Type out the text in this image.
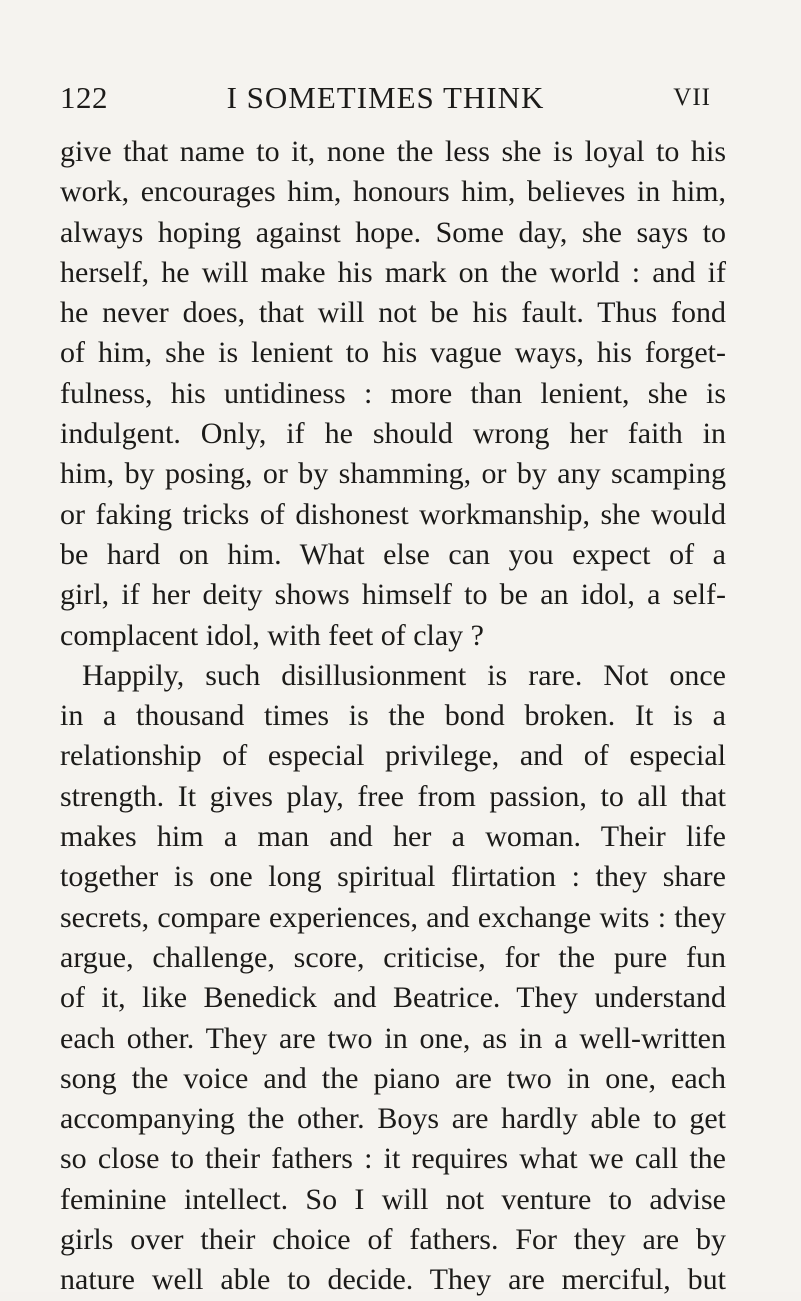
122	I SOMETIMES THINK	VII
give that name to it, none the less she is loyal to his
work, encourages him, honours him, believes in him,
always hoping against hope. Some day, she says to
herself, he will make his mark on the world : and if
he never does, that will not be his fault. Thus fond
of him, she is lenient to his vague ways, his forget-
fulness, his untidiness : more than lenient, she is
indulgent. Only, if he should wrong her faith in
him, by posing, or by shamming, or by any scamping
or faking tricks of dishonest workmanship, she would
be hard on him. What else can you expect of a
girl, if her deity shows himself to be an idol, a self-
complacent idol, with feet of clay ?
Happily, such disillusionment is rare. Not once
in a thousand times is the bond broken. It is a
relationship of especial privilege, and of especial
strength. It gives play, free from passion, to all that
makes him a man and her a woman. Their life
together is one long spiritual flirtation : they share
secrets, compare experiences, and exchange wits : they
argue, challenge, score, criticise, for the pure fun
of it, like Benedick and Beatrice. They understand
each other. They are two in one, as in a well-written
song the voice and the piano are two in one, each
accompanying the other. Boys are hardly able to get
so close to their fathers : it requires what we call the
feminine intellect. So I will not venture to advise
girls over their choice of fathers. For they are by
nature well able to decide. They are merciful, but
